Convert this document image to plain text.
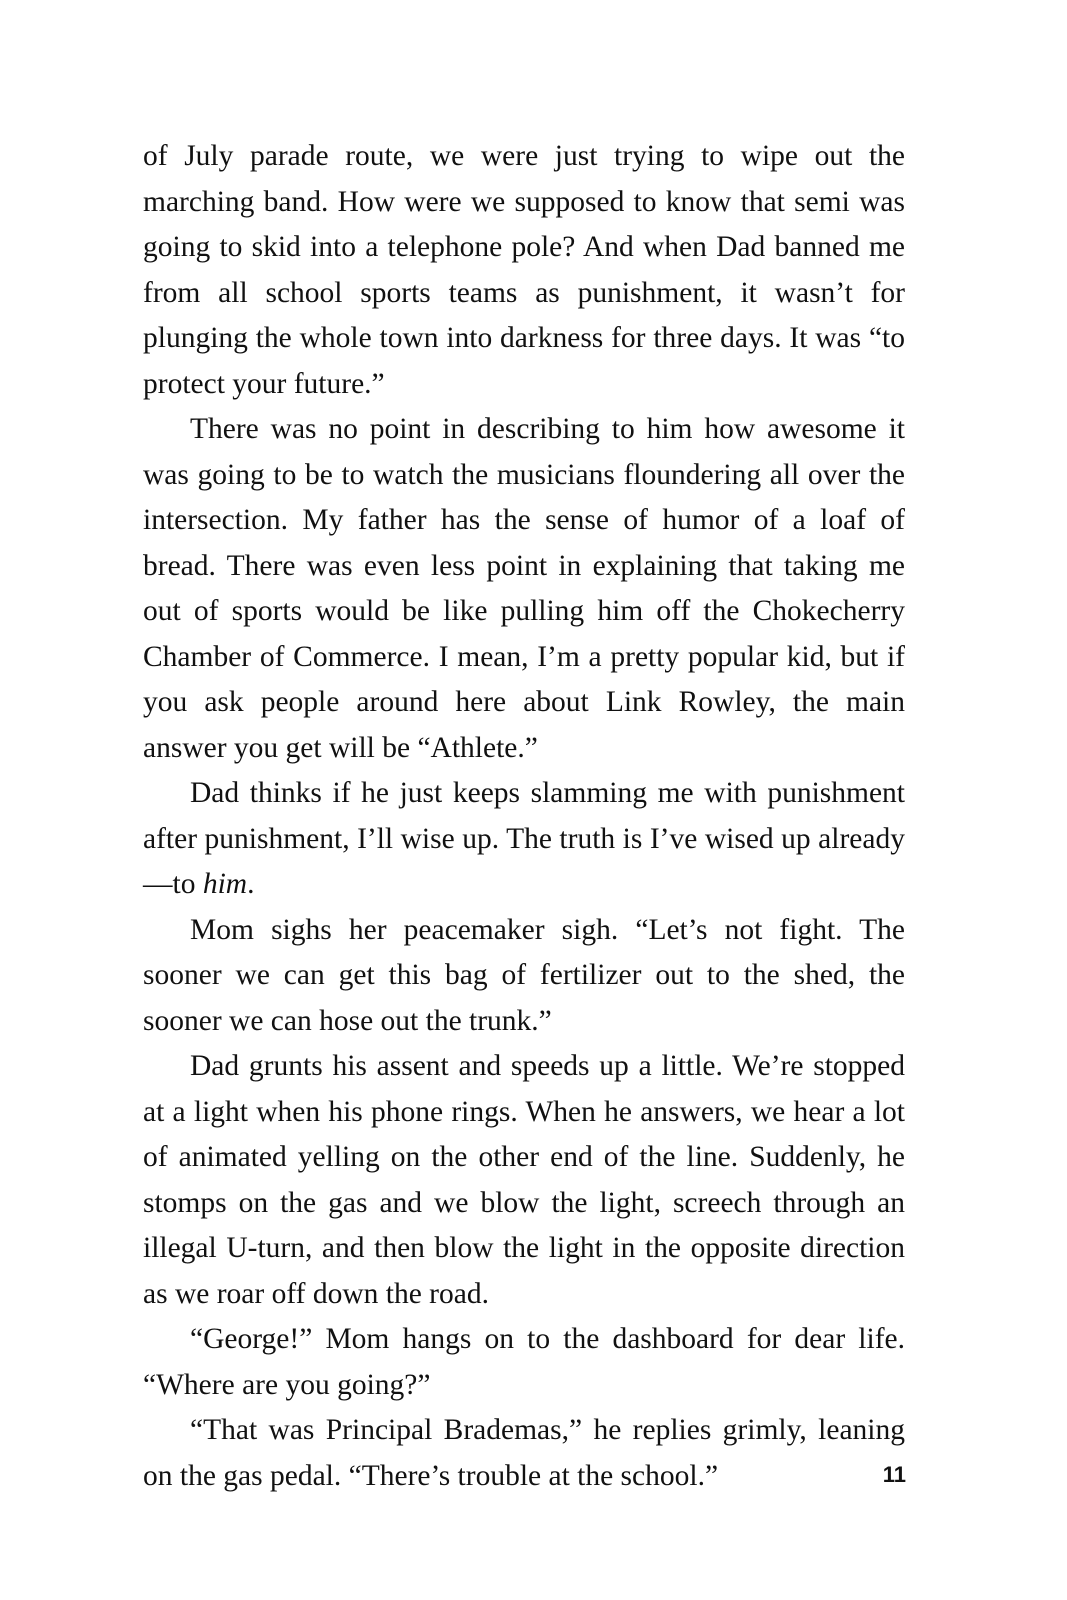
of July parade route, we were just trying to wipe out the marching band. How were we supposed to know that semi was going to skid into a telephone pole? And when Dad banned me from all school sports teams as punishment, it wasn’t for plunging the whole town into darkness for three days. It was “to protect your future.”

There was no point in describing to him how awesome it was going to be to watch the musicians floundering all over the intersection. My father has the sense of humor of a loaf of bread. There was even less point in explaining that taking me out of sports would be like pulling him off the Chokecherry Chamber of Commerce. I mean, I’m a pretty popular kid, but if you ask people around here about Link Rowley, the main answer you get will be “Athlete.”

Dad thinks if he just keeps slamming me with punishment after punishment, I’ll wise up. The truth is I’ve wised up already—to him.

Mom sighs her peacemaker sigh. “Let’s not fight. The sooner we can get this bag of fertilizer out to the shed, the sooner we can hose out the trunk.”

Dad grunts his assent and speeds up a little. We’re stopped at a light when his phone rings. When he answers, we hear a lot of animated yelling on the other end of the line. Suddenly, he stomps on the gas and we blow the light, screech through an illegal U-turn, and then blow the light in the opposite direction as we roar off down the road.

“George!” Mom hangs on to the dashboard for dear life. “Where are you going?”

“That was Principal Brademas,” he replies grimly, leaning on the gas pedal. “There’s trouble at the school.”	11
